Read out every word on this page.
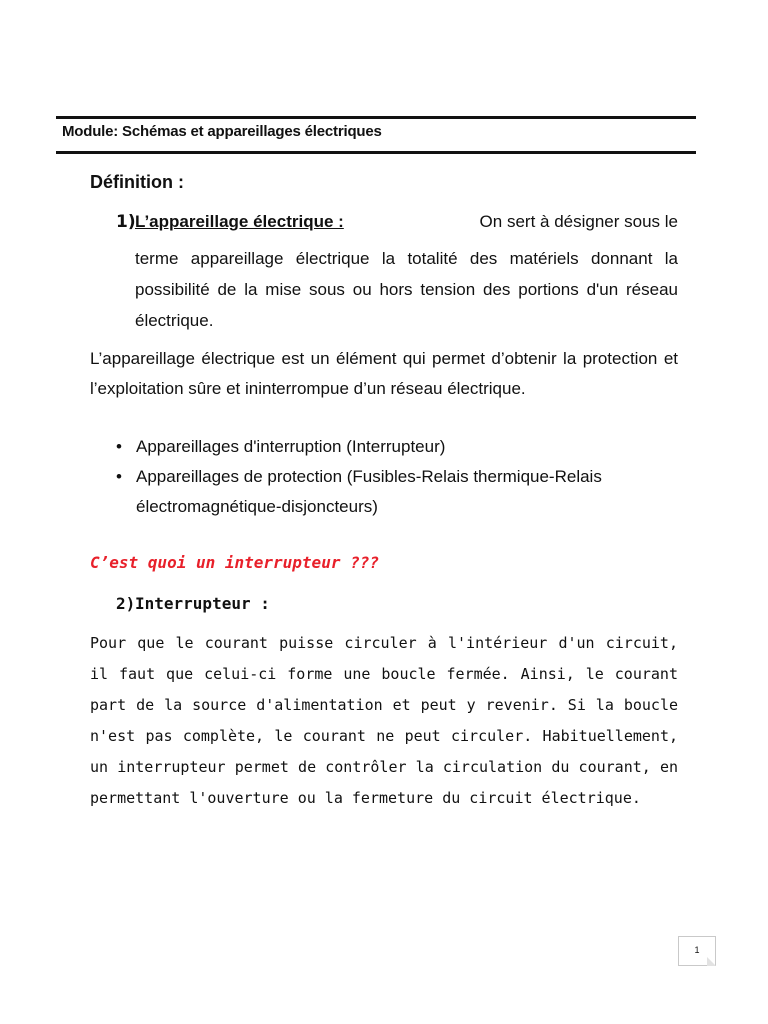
Module: Schémas et appareillages électriques
Définition :
1) L’appareillage électrique :	On sert à désigner sous le

terme appareillage électrique la totalité des matériels donnant la possibilité de la mise sous ou hors tension des portions d'un réseau électrique.

L’appareillage électrique est un élément qui permet d’obtenir la protection et l’exploitation sûre et ininterrompue d’un réseau électrique.

• Appareillages d'interruption (Interrupteur)
• Appareillages de protection (Fusibles-Relais thermique-Relais électromagnétique-disjoncteurs)
C’est quoi un interrupteur ???
2) Interrupteur :

Pour que le courant puisse circuler à l'intérieur d'un circuit, il faut que celui-ci forme une boucle fermée. Ainsi, le courant part de la source d'alimentation et peut y revenir. Si la boucle n'est pas complète, le courant ne peut circuler. Habituellement, un interrupteur permet de contrôler la circulation du courant, en permettant l'ouverture ou la fermeture du circuit électrique.

1
